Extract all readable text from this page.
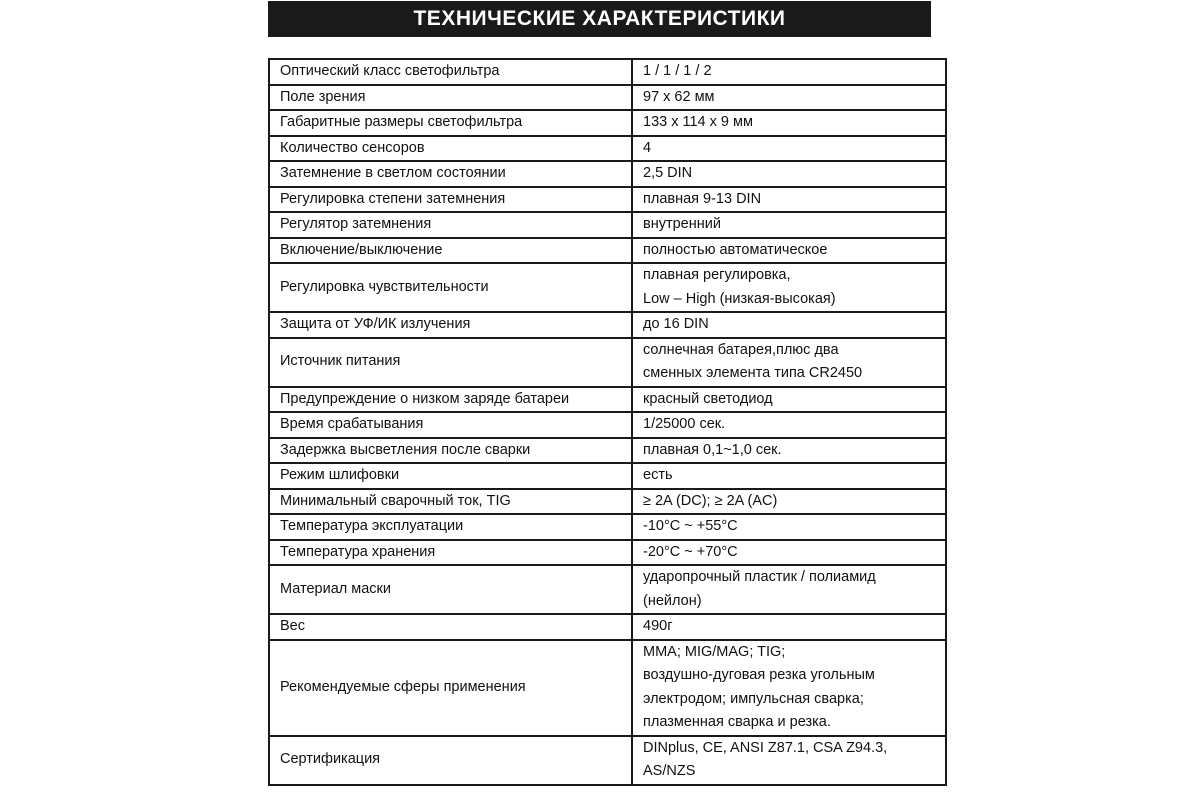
ТЕХНИЧЕСКИЕ ХАРАКТЕРИСТИКИ
Оптический класс светофильтра	1 / 1 / 1 / 2

Поле зрения	97 х 62 мм

Габаритные размеры светофильтра	133 х 114 х 9 мм

Количество сенсоров	4

Затемнение в светлом состоянии	2,5 DIN

Регулировка степени затемнения	плавная 9-13 DIN

Регулятор затемнения	внутренний

Включение/выключение	полностью автоматическое

Регулировка чувствительности	плавная регулировка,
Low – High (низкая-высокая)

Защита от УФ/ИК излучения	до 16 DIN

Источник питания	солнечная батарея,плюс два
сменных элемента типа CR2450

Предупреждение о низком заряде батареи	красный светодиод

Время срабатывания	1/25000 сек.

Задержка высветления после сварки	плавная 0,1~1,0 сек.

Режим шлифовки	есть

Минимальный сварочный ток, TIG	≥ 2A (DC); ≥ 2A (AC)

Температура эксплуатации	-10°C ~ +55°C

Температура хранения	-20°C ~ +70°C

Материал маски	ударопрочный пластик / полиамид
(нейлон)

Вес	490г

Рекомендуемые сферы применения	MMA; MIG/MAG; TIG;
воздушно-дуговая резка угольным
электродом; импульсная сварка;
плазменная сварка и резка.

Сертификация	DINplus, CE, ANSI Z87.1, CSA Z94.3,
AS/NZS
